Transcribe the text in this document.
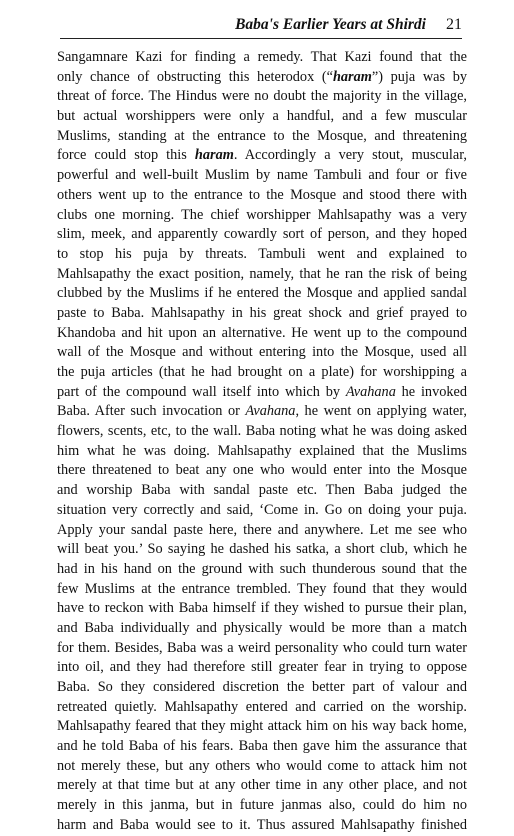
Baba's Earlier Years at Shirdi 21
Sangamnare Kazi for finding a remedy. That Kazi found that the
only chance of obstructing this heterodox (“haram”) puja was by
threat of force. The Hindus were no doubt the majority in the village,
but actual worshippers were only a handful, and a few muscular
Muslims, standing at the entrance to the Mosque, and threatening
force could stop this haram. Accordingly a very stout, muscular,
powerful and well-built Muslim by name Tambuli and four or five
others went up to the entrance to the Mosque and stood there with
clubs one morning. The chief worshipper Mahlsapathy was a very
slim, meek, and apparently cowardly sort of person, and they hoped
to stop his puja by threats. Tambuli went and explained to
Mahlsapathy the exact position, namely, that he ran the risk of being
clubbed by the Muslims if he entered the Mosque and applied sandal
paste to Baba. Mahlsapathy in his great shock and grief prayed to
Khandoba and hit upon an alternative. He went up to the compound
wall of the Mosque and without entering into the Mosque, used all
the puja articles (that he had brought on a plate) for worshipping a
part of the compound wall itself into which by Avahana he invoked
Baba. After such invocation or Avahana, he went on applying water,
flowers, scents, etc, to the wall. Baba noting what he was doing asked
him what he was doing. Mahlsapathy explained that the Muslims
there threatened to beat any one who would enter into the Mosque
and worship Baba with sandal paste etc. Then Baba judged the
situation very correctly and said, ‘Come in. Go on doing your puja.
Apply your sandal paste here, there and anywhere. Let me see who
will beat you.’ So saying he dashed his satka, a short club, which he
had in his hand on the ground with such thunderous sound that the
few Muslims at the entrance trembled. They found that they would
have to reckon with Baba himself if they wished to pursue their plan,
and Baba individually and physically would be more than a match
for them. Besides, Baba was a weird personality who could turn water
into oil, and they had therefore still greater fear in trying to oppose
Baba. So they considered discretion the better part of valour and
retreated quietly. Mahlsapathy entered and carried on the worship.
Mahlsapathy feared that they might attack him on his way back home,
and he told Baba of his fears. Baba then gave him the assurance that
not merely these, but any others who would come to attack him not
merely at that time but at any other time in any other place, and not
merely in this janma, but in future janmas also, could do him no
harm and Baba would see to it. Thus assured Mahlsapathy finished
